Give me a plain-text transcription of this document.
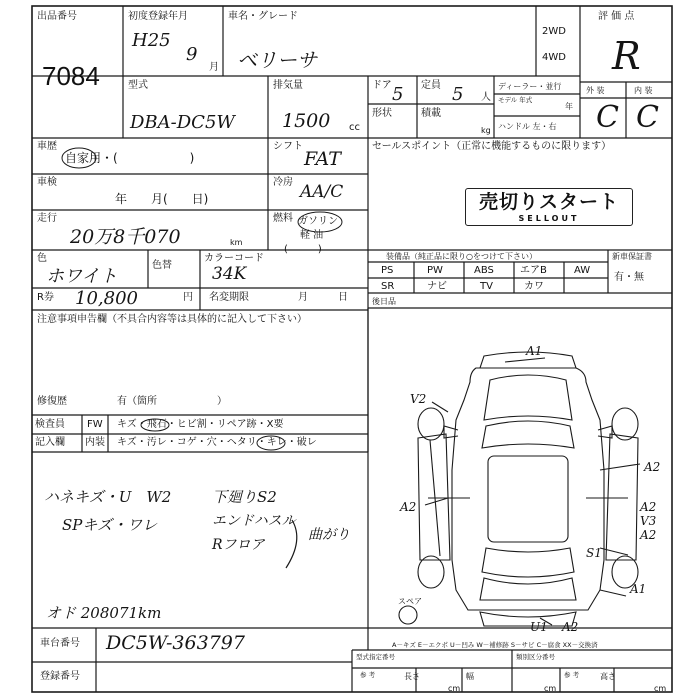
出品番号
7084
初度登録年月
H25
9
月
車名・グレード
ベリーサ
2WD
4WD
評 価 点
R
外 装	内 装
C C
型式
DBA-DC5W
排気量
1500 cc
ドア 5 定員 5 人
形状	積載
kg
ディーラー・並行
モデル 年式
年
ハンドル 左・右
車歴
自家用・(　　　　　　)
シフト
FAT
車検
年　　月(　　日)
冷房 AA/C
走行
20万8千070	km
燃料 ガソリン
軽 油
(　　　)
色
ホワイト
色替
カラーコード
34K
R券 10,800	円 名変期限	月　　　日
注意事項申告欄（不具合内容等は具体的に記入して下さい）
修復歴	有（箇所　　　　　　）
セールスポイント（正常に機能するものに限ります）
売切りスタート
SELLOUT
装備品（純正品に限り○をつけて下さい）	新車保証書
有・無
PS	PW	ABS	エアB	AW
SR	ナビ	TV	カワ
後日品
検査員
記入欄
FW キズ・飛石・ヒビ割・リペア跡・X要
内装 キズ・汚レ・コゲ・穴・ヘタリ・キレ・破レ
ハネキズ・U　W2
SPキズ・ワレ
下廻りS2
エンドハスル
Rフロア
曲がり
オド 208071km
A1
V2
A2
A2
A2
V3
A2
S1
U1 A2
A1
スペア
車台番号 DC5W-363797
登録番号
A－キズ E－エクボ U－凹み W－補修跡 S－サビ C－腐食 XX－交換済
型式指定番号	類別区分番号
参 考	長さ
cm
幅
cm
参 考	高さ
cm
